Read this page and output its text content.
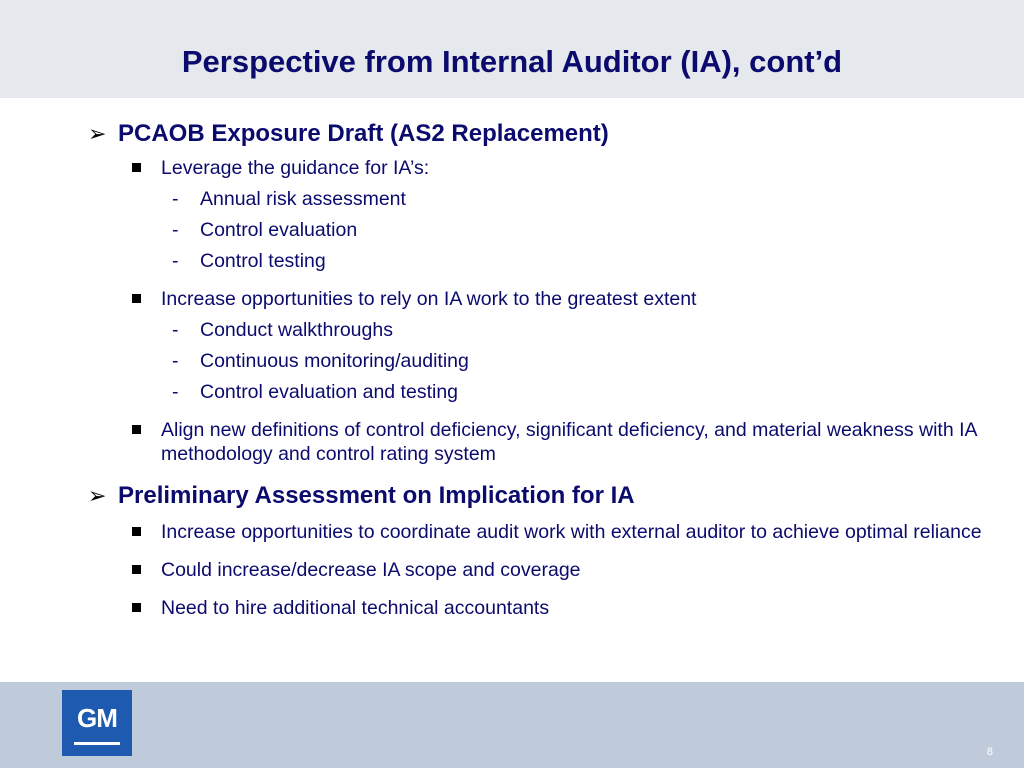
Perspective from Internal Auditor (IA), cont’d
➢ PCAOB Exposure Draft (AS2 Replacement)
Leverage the guidance for IA’s:
- Annual risk assessment
- Control evaluation
- Control testing
Increase opportunities to rely on IA work to the greatest extent
- Conduct walkthroughs
- Continuous monitoring/auditing
- Control evaluation and testing
Align new definitions of control deficiency, significant deficiency, and material weakness with IA methodology and control rating system
➢ Preliminary Assessment on Implication for IA
Increase opportunities to coordinate audit work with external auditor to achieve optimal reliance
Could increase/decrease IA scope and coverage
Need to hire additional technical accountants
GM
8
